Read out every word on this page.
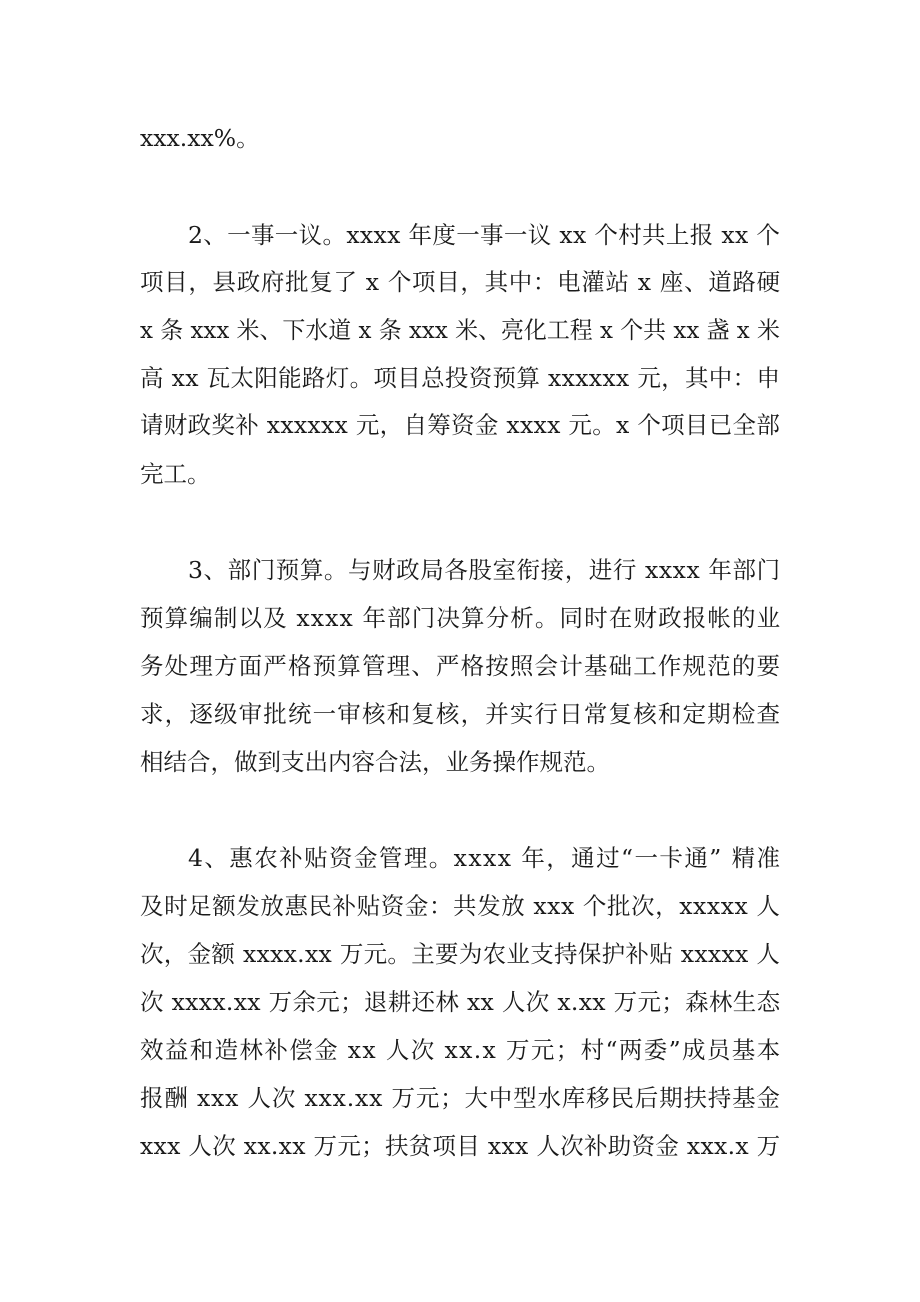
xxx.xx%。
2、一事一议。xxxx 年度一事一议 xx 个村共上报 xx 个
项目，县政府批复了 x 个项目，其中：电灌站 x 座、道路硬
x 条 xxx 米、下水道 x 条 xxx 米、亮化工程 x 个共 xx 盏 x 米
高 xx 瓦太阳能路灯。项目总投资预算 xxxxxx 元，其中：申
请财政奖补 xxxxxx 元，自筹资金 xxxx 元。x 个项目已全部
完工。
3、部门预算。与财政局各股室衔接，进行 xxxx 年部门
预算编制以及 xxxx 年部门决算分析。同时在财政报帐的业
务处理方面严格预算管理、严格按照会计基础工作规范的要
求，逐级审批统一审核和复核，并实行日常复核和定期检查
相结合，做到支出内容合法，业务操作规范。
4、惠农补贴资金管理。xxxx 年，通过“一卡通” 精准
及时足额发放惠民补贴资金：共发放 xxx 个批次，xxxxx 人
次，金额 xxxx.xx 万元。主要为农业支持保护补贴 xxxxx 人
次 xxxx.xx 万余元；退耕还林 xx 人次 x.xx 万元；森林生态
效益和造林补偿金 xx 人次 xx.x 万元；村“两委”成员基本
报酬 xxx 人次 xxx.xx 万元；大中型水库移民后期扶持基金
xxx 人次 xx.xx 万元；扶贫项目 xxx 人次补助资金 xxx.x 万
